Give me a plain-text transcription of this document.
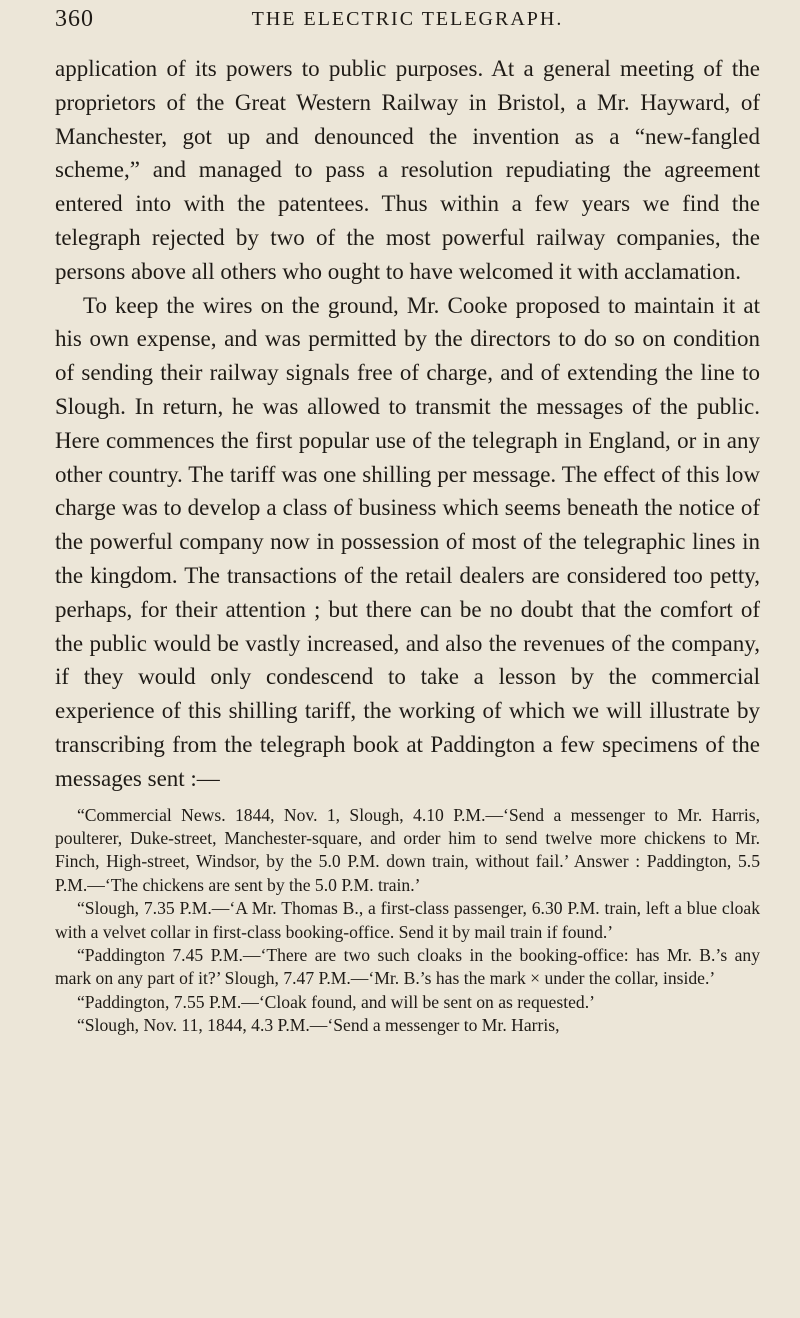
360	THE ELECTRIC TELEGRAPH.

application of its powers to public purposes. At a general meeting of the proprietors of the Great Western Railway in Bristol, a Mr. Hayward, of Manchester, got up and denounced the invention as a “new-fangled scheme,” and managed to pass a resolution repudiating the agreement entered into with the patentees. Thus within a few years we find the telegraph rejected by two of the most powerful railway companies, the persons above all others who ought to have welcomed it with acclamation.

To keep the wires on the ground, Mr. Cooke proposed to maintain it at his own expense, and was permitted by the directors to do so on condition of sending their railway signals free of charge, and of extending the line to Slough. In return, he was allowed to transmit the messages of the public. Here commences the first popular use of the telegraph in England, or in any other country. The tariff was one shilling per message. The effect of this low charge was to develop a class of business which seems beneath the notice of the powerful company now in possession of most of the telegraphic lines in the kingdom. The transactions of the retail dealers are considered too petty, perhaps, for their attention ; but there can be no doubt that the comfort of the public would be vastly increased, and also the revenues of the company, if they would only condescend to take a lesson by the commercial experience of this shilling tariff, the working of which we will illustrate by transcribing from the telegraph book at Paddington a few specimens of the messages sent :—

“Commercial News. 1844, Nov. 1, Slough, 4.10 P.M.—‘Send a messenger to Mr. Harris, poulterer, Duke-street, Manchester-square, and order him to send twelve more chickens to Mr. Finch, High-street, Windsor, by the 5.0 P.M. down train, without fail.’ Answer : Paddington, 5.5 P.M.—‘The chickens are sent by the 5.0 P.M. train.’

“Slough, 7.35 P.M.—‘A Mr. Thomas B., a first-class passenger, 6.30 P.M. train, left a blue cloak with a velvet collar in first-class booking-office. Send it by mail train if found.’

“Paddington 7.45 P.M.—‘There are two such cloaks in the booking-office: has Mr. B.’s any mark on any part of it?’ Slough, 7.47 P.M.—‘Mr. B.’s has the mark × under the collar, inside.’

“Paddington, 7.55 P.M.—‘Cloak found, and will be sent on as requested.’

“Slough, Nov. 11, 1844, 4.3 P.M.—‘Send a messenger to Mr. Harris,
